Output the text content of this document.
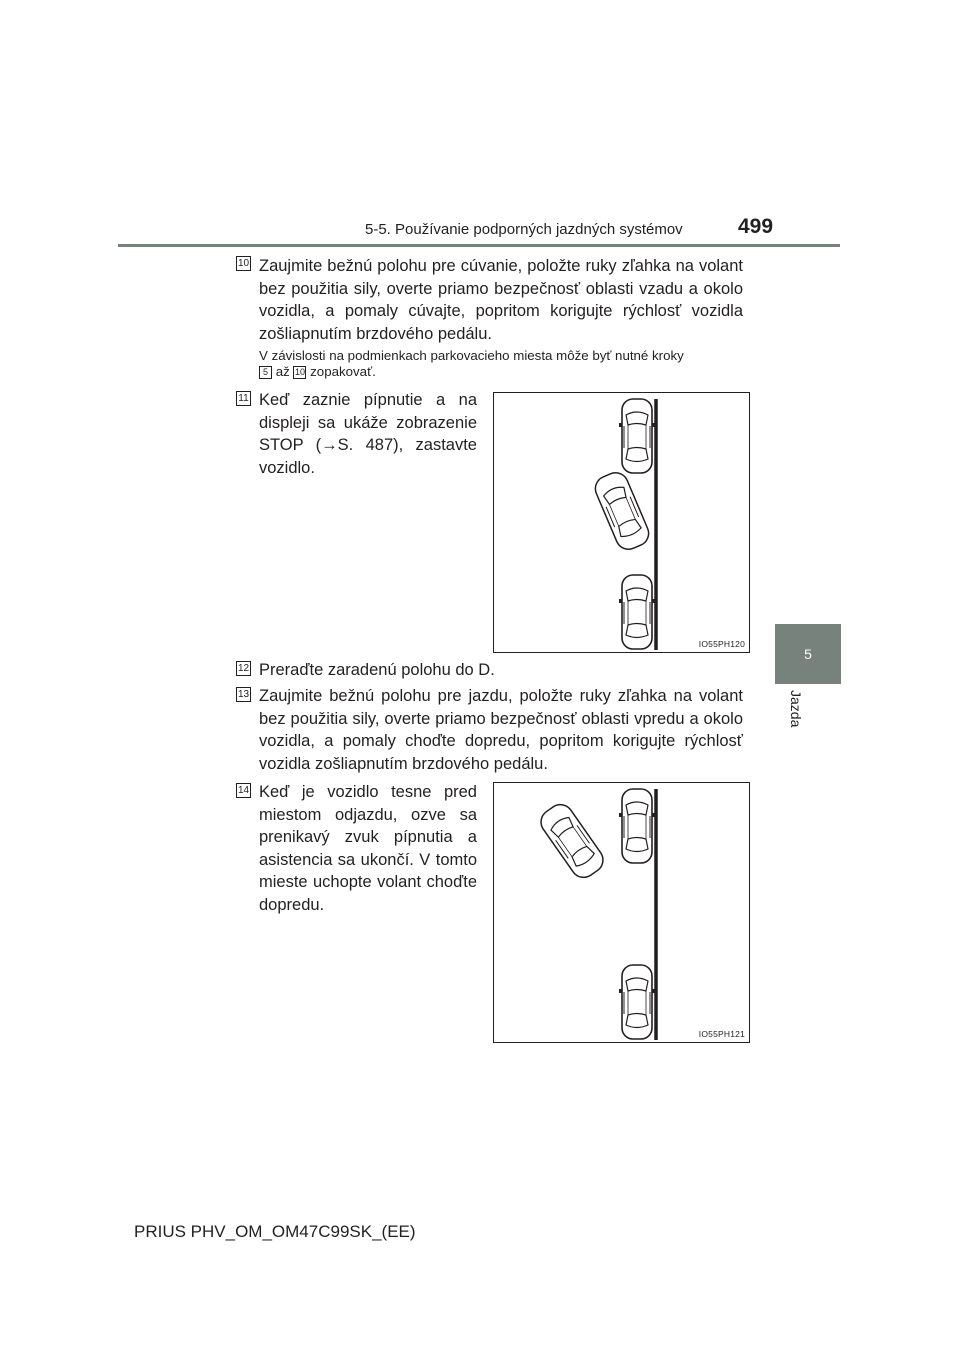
5-5. Používanie podporných jazdných systémov	499
5
Jazda
10 Zaujmite bežnú polohu pre cúvanie, položte ruky zľahka na volant bez použitia sily, overte priamo bezpečnosť oblasti vzadu a okolo vozidla, a pomaly cúvajte, popritom korigujte rýchlosť vozidla zošliapnutím brzdového pedálu.
V závislosti na podmienkach parkovacieho miesta môže byť nutné kroky
5 až 10 zopakovať.
11 Keď zaznie pípnutie a na displeji sa ukáže zobrazenie STOP (→S. 487), zastavte vozidlo.
IO55PH120
12 Preraďte zaradenú polohu do D.
13 Zaujmite bežnú polohu pre jazdu, položte ruky zľahka na volant bez použitia sily, overte priamo bezpečnosť oblasti vpredu a okolo vozidla, a pomaly choďte dopredu, popritom korigujte rýchlosť vozidla zošliapnutím brzdového pedálu.
14 Keď je vozidlo tesne pred miestom odjazdu, ozve sa prenikavý zvuk pípnutia a asistencia sa ukončí. V tomto mieste uchopte volant choďte dopredu.
IO55PH121
PRIUS PHV_OM_OM47C99SK_(EE)
